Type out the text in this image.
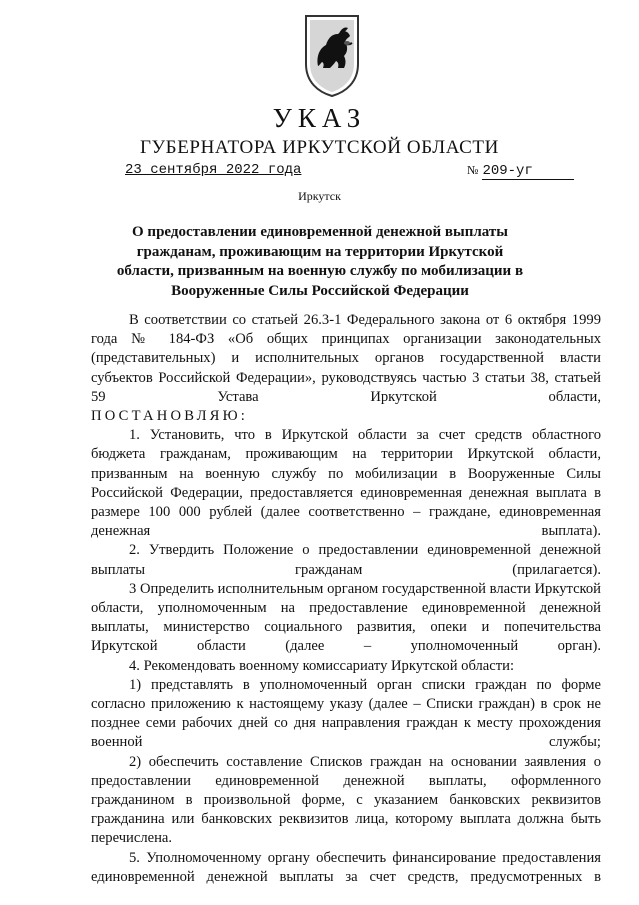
УКАЗ
ГУБЕРНАТОРА ИРКУТСКОЙ ОБЛАСТИ
23 сентября 2022 года	№ 209-уг
Иркутск
О предоставлении единовременной денежной выплаты гражданам, проживающим на территории Иркутской области, призванным на военную службу по мобилизации в Вооруженные Силы Российской Федерации

В соответствии со статьей 26.3-1 Федерального закона от 6 октября 1999 года № 184-ФЗ «Об общих принципах организации законодательных (представительных) и исполнительных органов государственной власти субъектов Российской Федерации», руководствуясь частью 3 статьи 38, статьей 59 Устава Иркутской области,

ПОСТАНОВЛЯЮ:

1. Установить, что в Иркутской области за счет средств областного бюджета гражданам, проживающим на территории Иркутской области, призванным на военную службу по мобилизации в Вооруженные Силы Российской Федерации, предоставляется единовременная денежная выплата в размере 100 000 рублей (далее соответственно – граждане, единовременная денежная выплата).

2. Утвердить Положение о предоставлении единовременной денежной выплаты гражданам (прилагается).

3 Определить исполнительным органом государственной власти Иркутской области, уполномоченным на предоставление единовременной денежной выплаты, министерство социального развития, опеки и попечительства Иркутской области (далее – уполномоченный орган).

4. Рекомендовать военному комиссариату Иркутской области:

1) представлять в уполномоченный орган списки граждан по форме согласно приложению к настоящему указу (далее – Списки граждан) в срок не позднее семи рабочих дней со дня направления граждан к месту прохождения военной службы;

2) обеспечить составление Списков граждан на основании заявления о предоставлении единовременной денежной выплаты, оформленного гражданином в произвольной форме, с указанием банковских реквизитов гражданина или банковских реквизитов лица, которому выплата должна быть перечислена.

5. Уполномоченному органу обеспечить финансирование предоставления единовременной денежной выплаты за счет средств, предусмотренных в
